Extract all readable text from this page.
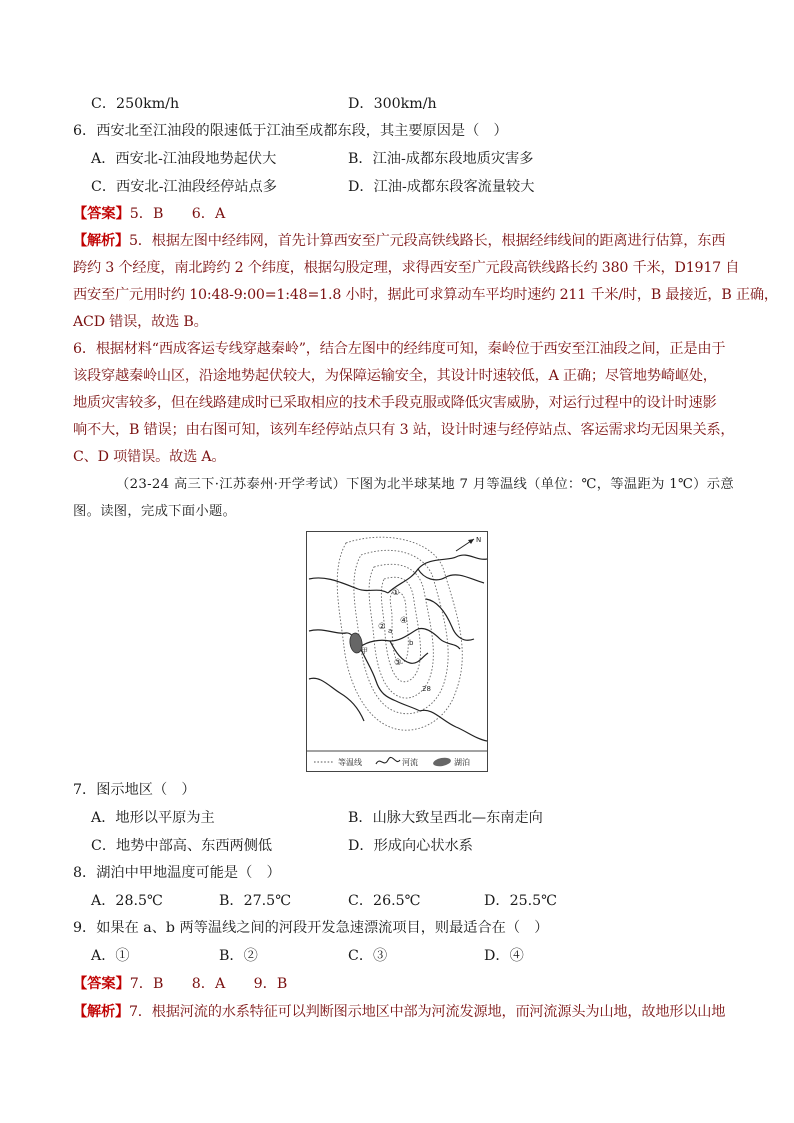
C．250km/h	D．300km/h
6．西安北至江油段的限速低于江油至成都东段，其主要原因是（　）
A．西安北-江油段地势起伏大	B．江油-成都东段地质灾害多
C．西安北-江油段经停站点多	D．江油-成都东段客流量较大
【答案】5．B　　6．A
【解析】5．根据左图中经纬网，首先计算西安至广元段高铁线路长，根据经纬线间的距离进行估算，东西
跨约 3 个经度，南北跨约 2 个纬度，根据勾股定理，求得西安至广元段高铁线路长约 380 千米，D1917 自
西安至广元用时约 10:48-9:00=1:48=1.8 小时，据此可求算动车平均时速约 211 千米/时，B 最接近，B 正确，
ACD 错误，故选 B。
6．根据材料“西成客运专线穿越秦岭”，结合左图中的经纬度可知，秦岭位于西安至江油段之间，正是由于
该段穿越秦岭山区，沿途地势起伏较大，为保障运输安全，其设计时速较低，A 正确；尽管地势崎岖处，
地质灾害较多，但在线路建成时已采取相应的技术手段克服或降低灾害威胁，对运行过程中的设计时速影
响不大，B 错误；由右图可知，该列车经停站点只有 3 站，设计时速与经停站点、客运需求均无因果关系，
C、D 项错误。故选 A。
（23-24 高三下·江苏泰州·开学考试）下图为北半球某地 7 月等温线（单位：℃，等温距为 1℃）示意
图。读图，完成下面小题。
N
①
②
④
③
a
b
甲
28
等温线	河流	湖泊
7．图示地区（　）
A．地形以平原为主	B．山脉大致呈西北—东南走向
C．地势中部高、东西两侧低	D．形成向心状水系
8．湖泊中甲地温度可能是（　）
A．28.5℃	B．27.5℃	C．26.5℃	D．25.5℃
9．如果在 a、b 两等温线之间的河段开发急速漂流项目，则最适合在（　）
A．①	B．②	C．③	D．④
【答案】7．B　　8．A　　9．B
【解析】7．根据河流的水系特征可以判断图示地区中部为河流发源地，而河流源头为山地，故地形以山地
